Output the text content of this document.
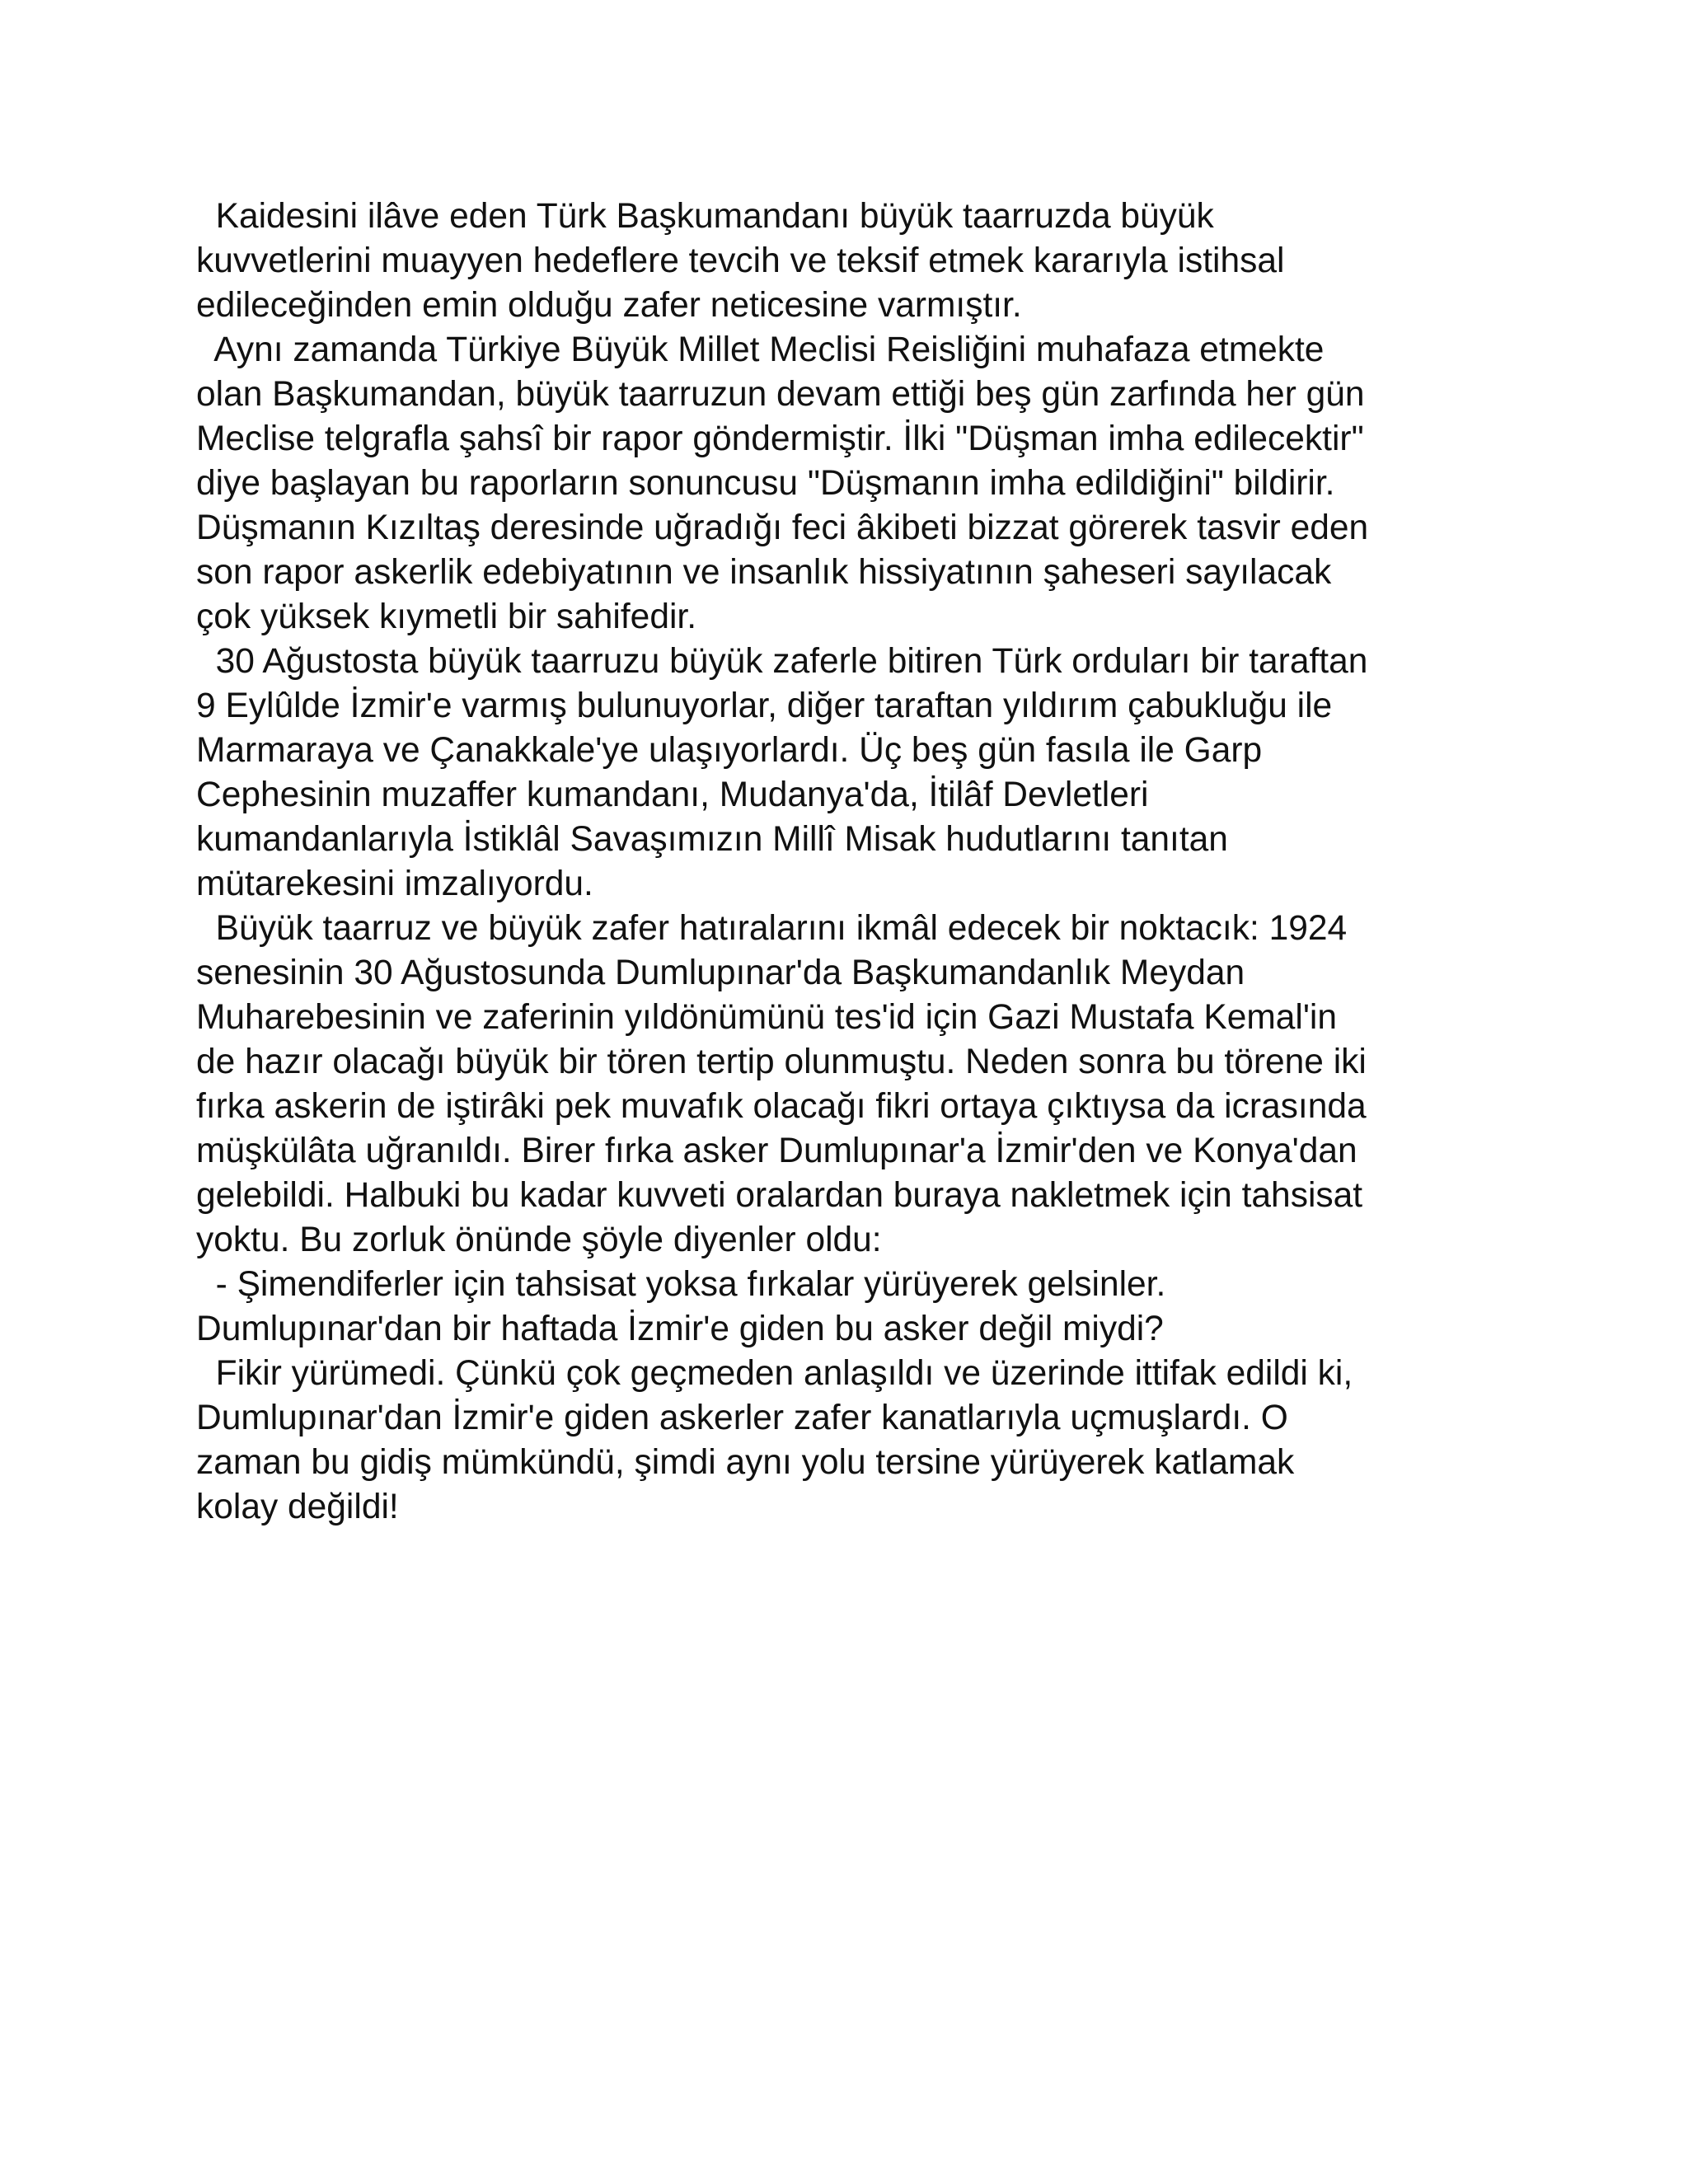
Kaidesini ilâve eden Türk Başkumandanı büyük taarruzda büyük
kuvvetlerini muayyen hedeflere tevcih ve teksif etmek kararıyla istihsal
edileceğinden emin olduğu zafer neticesine varmıştır.
Aynı zamanda Türkiye Büyük Millet Meclisi Reisliğini muhafaza etmekte
olan Başkumandan, büyük taarruzun devam ettiği beş gün zarfında her gün
Meclise telgrafla şahsî bir rapor göndermiştir. İlki "Düşman imha edilecektir"
diye başlayan bu raporların sonuncusu "Düşmanın imha edildiğini" bildirir.
Düşmanın Kızıltaş deresinde uğradığı feci âkibeti bizzat görerek tasvir eden
son rapor askerlik edebiyatının ve insanlık hissiyatının şaheseri sayılacak
çok yüksek kıymetli bir sahifedir.
30 Ağustosta büyük taarruzu büyük zaferle bitiren Türk orduları bir taraftan
9 Eylûlde İzmir'e varmış bulunuyorlar, diğer taraftan yıldırım çabukluğu ile
Marmaraya ve Çanakkale'ye ulaşıyorlardı. Üç beş gün fasıla ile Garp
Cephesinin muzaffer kumandanı, Mudanya'da, İtilâf Devletleri
kumandanlarıyla İstiklâl Savaşımızın Millî Misak hudutlarını tanıtan
mütarekesini imzalıyordu.
Büyük taarruz ve büyük zafer hatıralarını ikmâl edecek bir noktacık: 1924
senesinin 30 Ağustosunda Dumlupınar'da Başkumandanlık Meydan
Muharebesinin ve zaferinin yıldönümünü tes'id için Gazi Mustafa Kemal'in
de hazır olacağı büyük bir tören tertip olunmuştu. Neden sonra bu törene iki
fırka askerin de iştirâki pek muvafık olacağı fikri ortaya çıktıysa da icrasında
müşkülâta uğranıldı. Birer fırka asker Dumlupınar'a İzmir'den ve Konya'dan
gelebildi. Halbuki bu kadar kuvveti oralardan buraya nakletmek için tahsisat
yoktu. Bu zorluk önünde şöyle diyenler oldu:
- Şimendiferler için tahsisat yoksa fırkalar yürüyerek gelsinler.
Dumlupınar'dan bir haftada İzmir'e giden bu asker değil miydi?
Fikir yürümedi. Çünkü çok geçmeden anlaşıldı ve üzerinde ittifak edildi ki,
Dumlupınar'dan İzmir'e giden askerler zafer kanatlarıyla uçmuşlardı. O
zaman bu gidiş mümkündü, şimdi aynı yolu tersine yürüyerek katlamak
kolay değildi!
